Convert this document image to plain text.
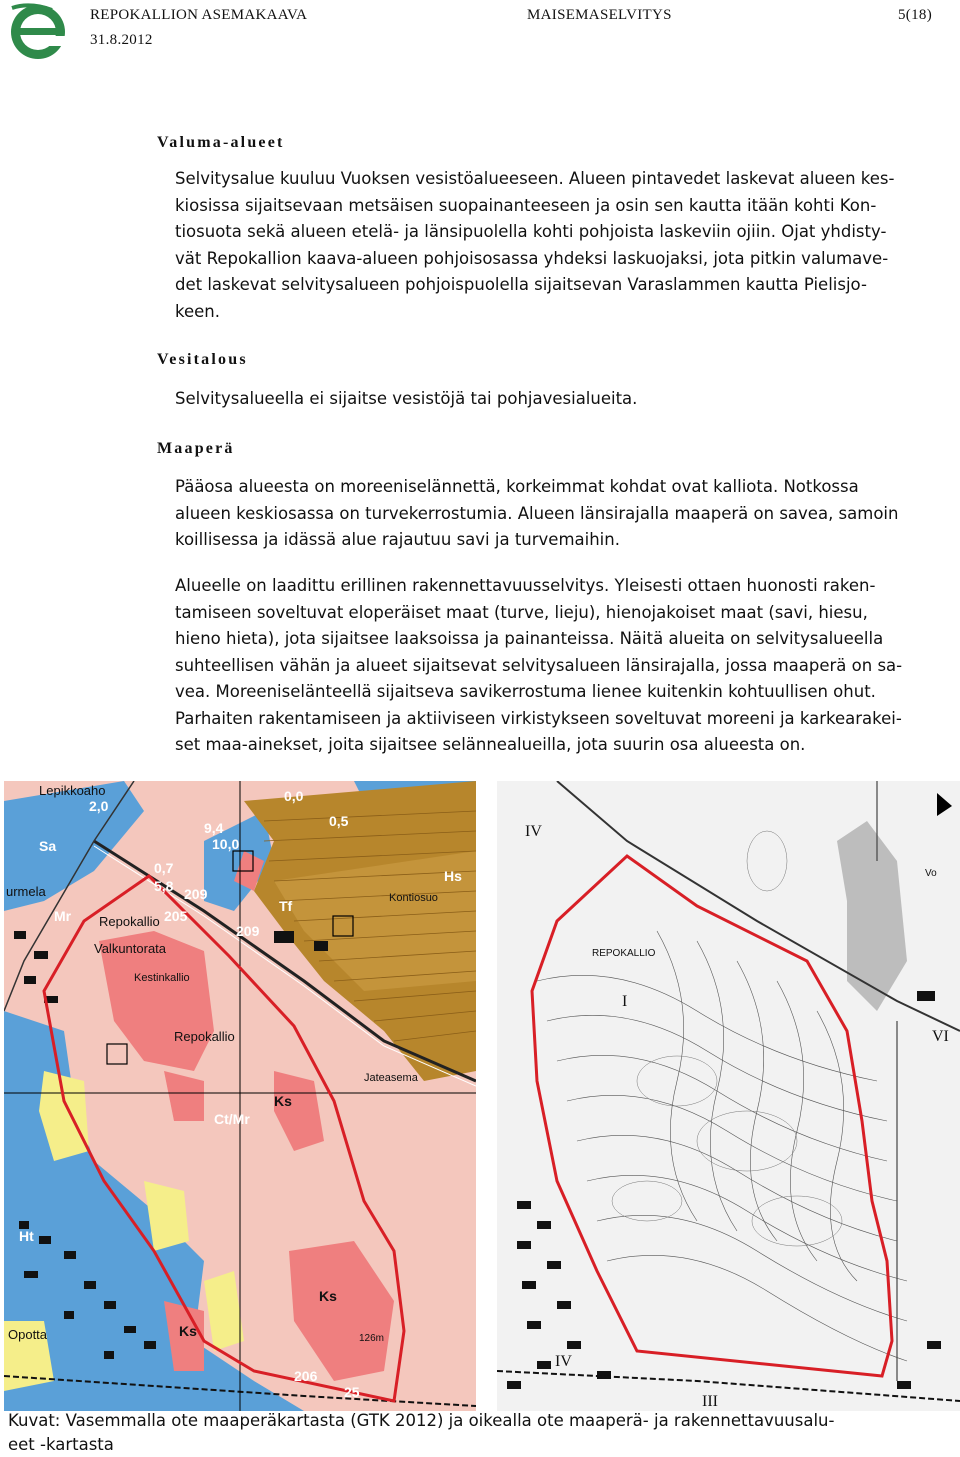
REPOKALLION ASEMAKAAVA
31.8.2012
MAISEMASELVITYS	5(18)
Valuma-alueet
Selvitysalue kuuluu Vuoksen vesistöalueeseen. Alueen pintavedet laskevat alueen kes-
kiosissa sijaitsevaan metsäisen suopainanteeseen ja osin sen kautta itään kohti Kon-
tiosuota sekä alueen etelä- ja länsipuolella kohti pohjoista laskeviin ojiin. Ojat yhdisty-
vät Repokallion kaava-alueen pohjoisosassa yhdeksi laskuojaksi, jota pitkin valumave-
det laskevat selvitysalueen pohjoispuolella sijaitsevan Varaslammen kautta Pielisjo-
keen.
Vesitalous
Selvitysalueella ei sijaitse vesistöjä tai pohjavesialueita.
Maaperä
Pääosa alueesta on moreeniselännettä, korkeimmat kohdat ovat kalliota. Notkossa
alueen keskiosassa on turvekerrostumia. Alueen länsirajalla maaperä on savea, samoin
koillisessa ja idässä alue rajautuu savi ja turvemaihin.
Alueelle on laadittu erillinen rakennettavuusselvitys. Yleisesti ottaen huonosti raken-
tamiseen soveltuvat eloperäiset maat (turve, lieju), hienojakoiset maat (savi, hiesu,
hieno hieta), jota sijaitsee laaksoissa ja painanteissa. Näitä alueita on selvitysalueella
suhteellisen vähän ja alueet sijaitsevat selvitysalueen länsirajalla, jossa maaperä on sa-
vea. Moreeniselänteellä sijaitseva savikerrostuma lienee kuitenkin kohtuullisen ohut.
Parhaiten rakentamiseen ja aktiiviseen virkistykseen soveltuvat moreeni ja karkearakei-
set maa-ainekset, joita sijaitsee selännealueilla, jota suurin osa alueesta on.
Lepikkoaho
urmela
Repokallio
Valkuntorata
Kestinkallio
Repokallio
Opotta
Kontiosuo
Jateasema
Sa
Mr
Ht
Ks
Hs
Tf
Ks
Ks
Ct/Mr
126m
2,0
0,0
0,5
9,4
10,0
0,7
5,8
205
206
209
209
25
IV
REPOKALLIO
I
VI
IV
III
Vo
Kuvat: Vasemmalla ote maaperäkartasta (GTK 2012) ja oikealla ote maaperä- ja rakennettavuusalu-
eet -kartasta
